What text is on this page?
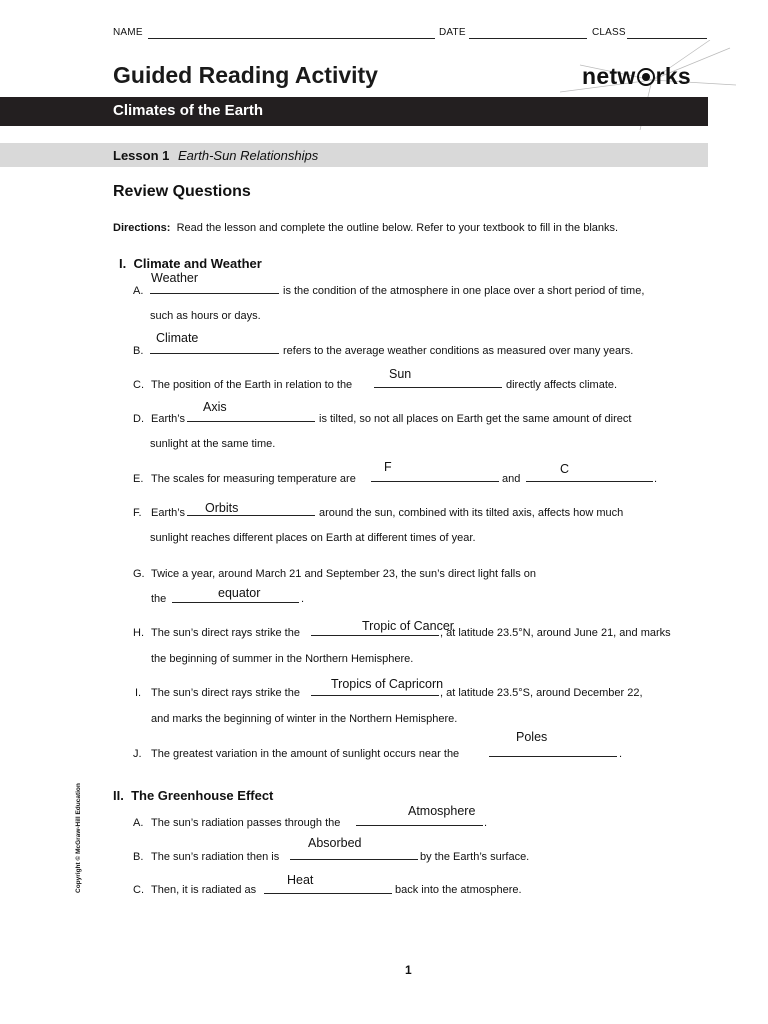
NAME	DATE	CLASS
Guided Reading Activity	netw rks
Climates of the Earth
Lesson 1 Earth-Sun Relationships
Review Questions
Directions: Read the lesson and complete the outline below. Refer to your textbook to fill in the blanks.
I. Climate and Weather
A.
Weather
is the condition of the atmosphere in one place over a short period of time,
such as hours or days.
B.
Climate
refers to the average weather conditions as measured over many years.
C. The position of the Earth in relation to the
Sun
directly affects climate.
D. Earth’s
Axis
is tilted, so not all places on Earth get the same amount of direct
sunlight at the same time.
E. The scales for measuring temperature are
F
and
C
.
F. Earth’s Orbits	around the sun, combined with its tilted axis, affects how much
sunlight reaches different places on Earth at different times of year.
G. Twice a year, around March 21 and September 23, the sun’s direct light falls on
the	equator	.
H. The sun’s direct rays strike the	Tropic of Cancer
, at latitude 23.5°N, around June 21, and marks
the beginning of summer in the Northern Hemisphere.
I. The sun’s direct rays strike the
Tropics of Capricorn
, at latitude 23.5°S, around December 22,
and marks the beginning of winter in the Northern Hemisphere.
J. The greatest variation in the amount of sunlight occurs near the
Poles
.
II. The Greenhouse Effect
A. The sun’s radiation passes through the
Atmosphere
.
B. The sun’s radiation then is
Absorbed
by the Earth’s surface.
C. Then, it is radiated as
Heat
back into the atmosphere.
Copyright © McGraw-Hill Education
1
